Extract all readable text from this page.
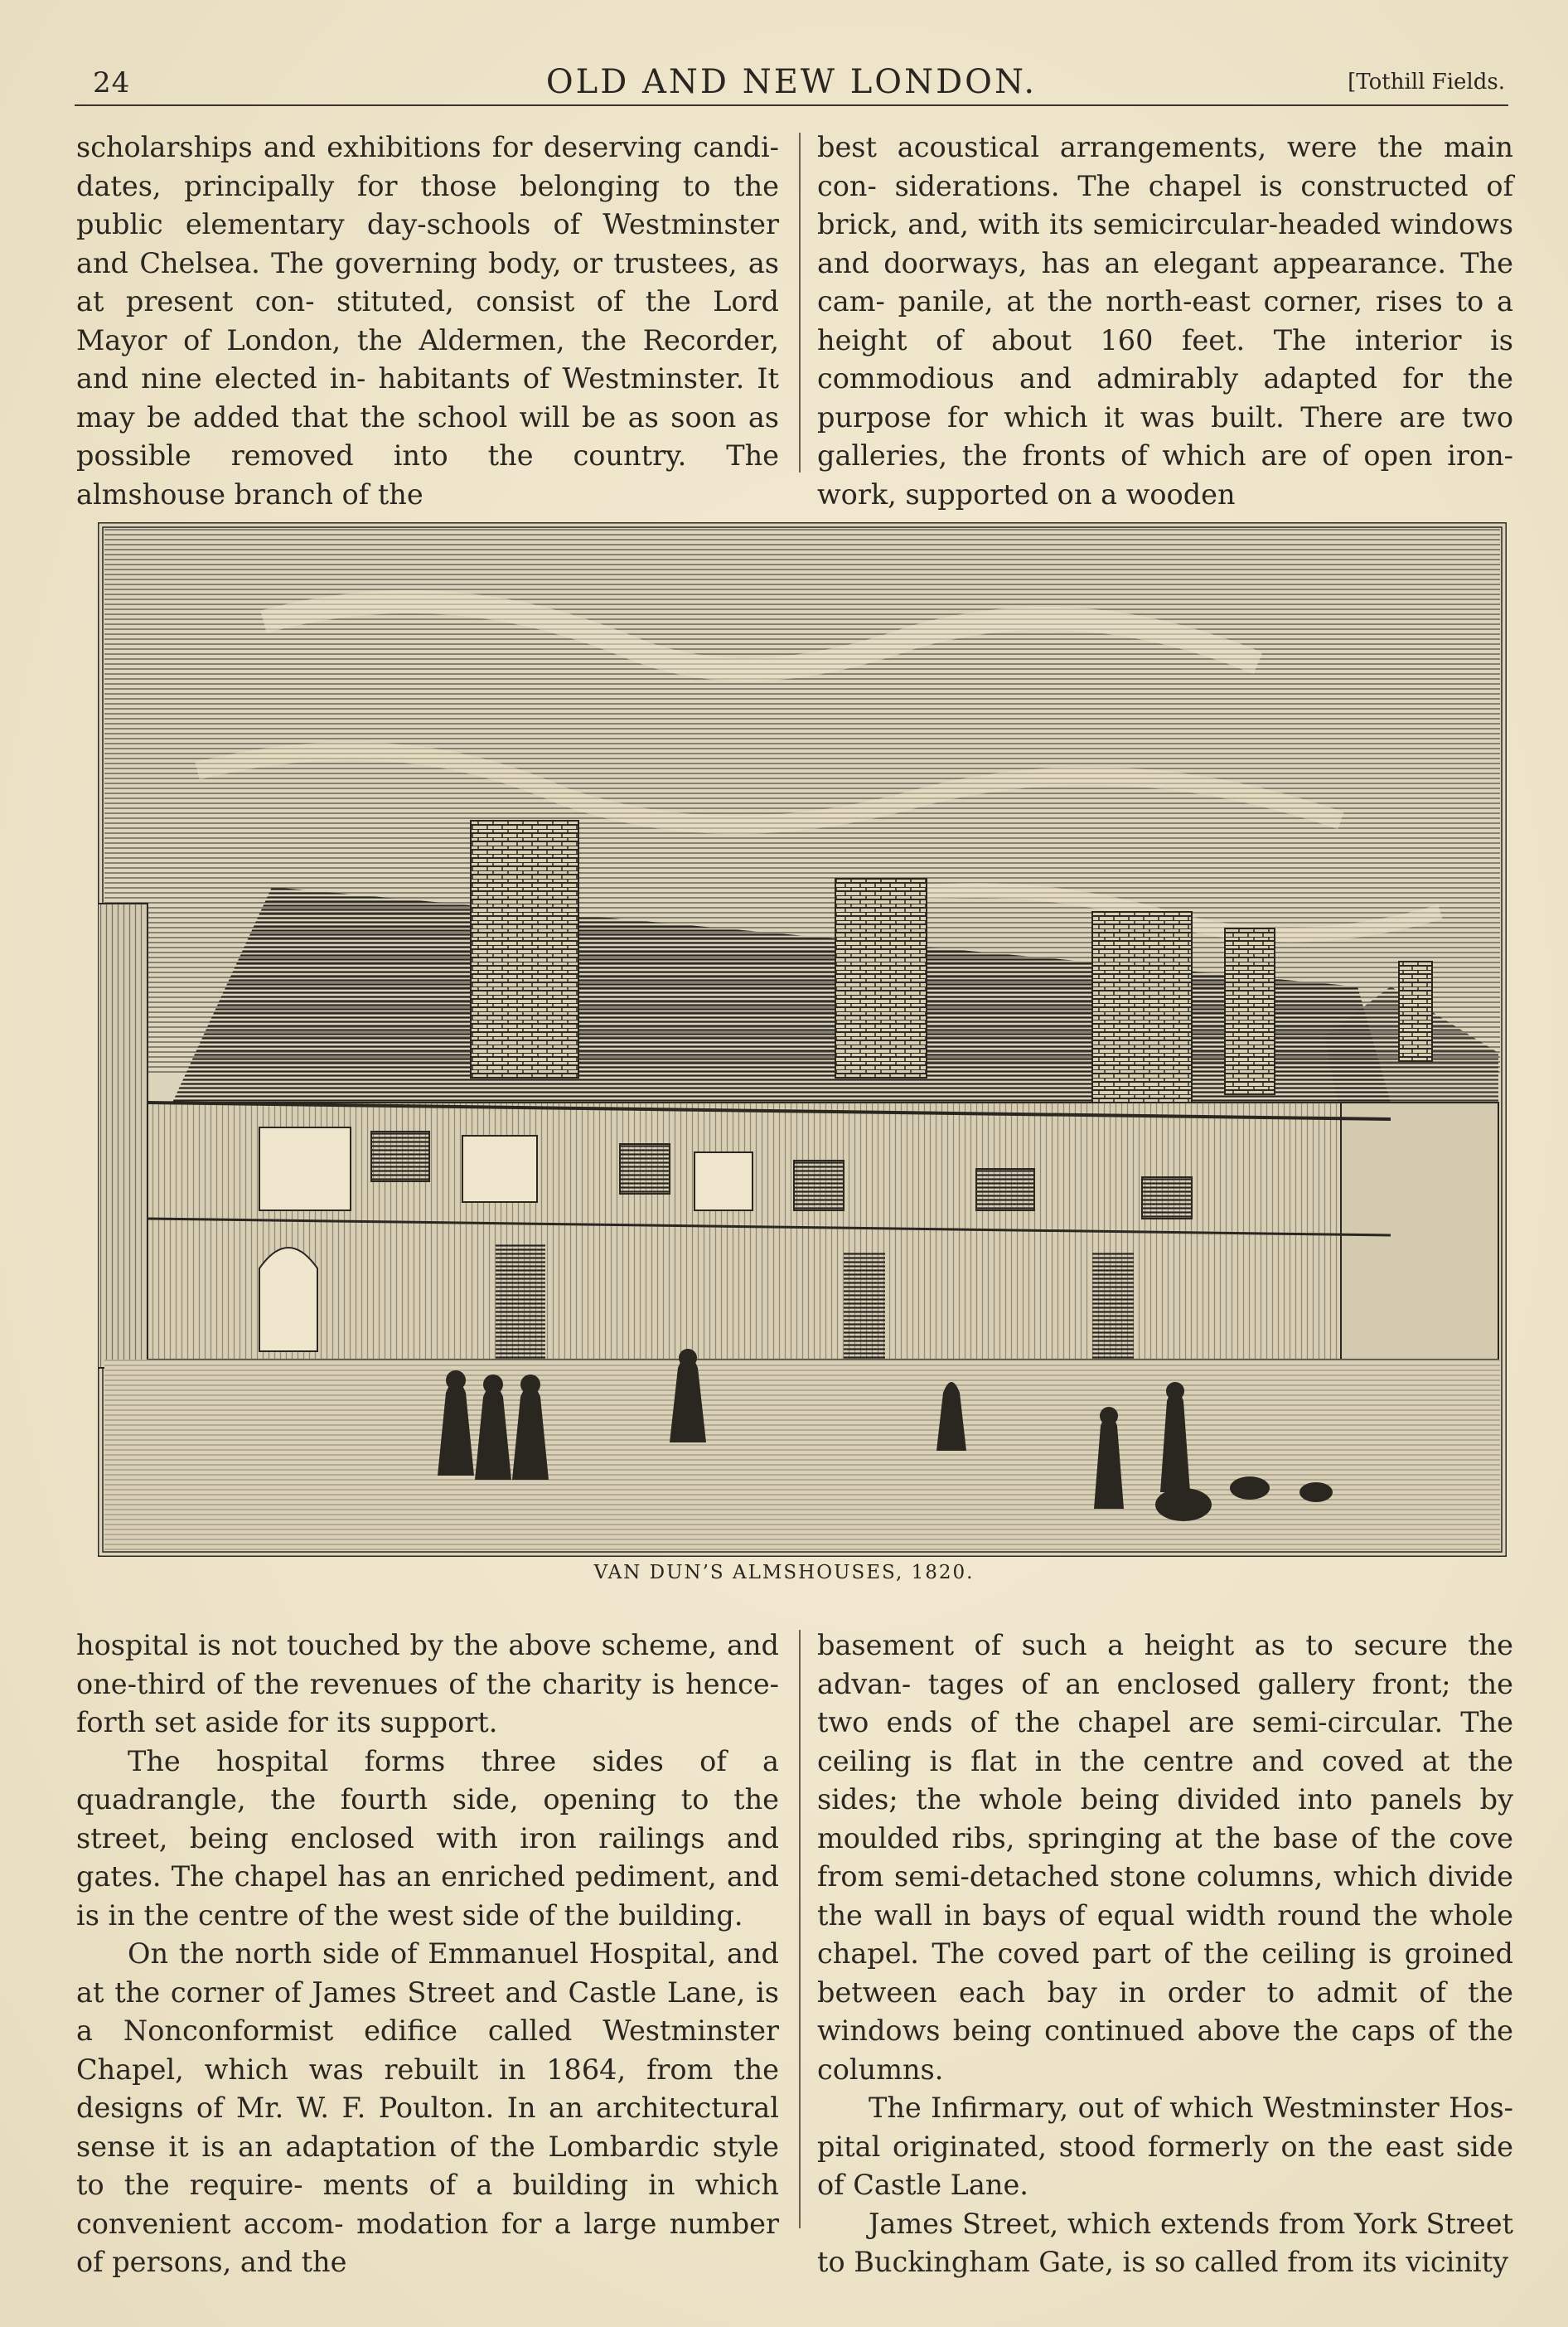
24	OLD AND NEW LONDON.	[Tothill Fields.

scholarships and exhibitions for deserving candi- dates, principally for those belonging to the public elementary day-schools of Westminster and Chelsea. The governing body, or trustees, as at present con- stituted, consist of the Lord Mayor of London, the Aldermen, the Recorder, and nine elected in- habitants of Westminster. It may be added that the school will be as soon as possible removed into the country. The almshouse branch of the

best acoustical arrangements, were the main con- siderations. The chapel is constructed of brick, and, with its semicircular-headed windows and doorways, has an elegant appearance. The cam- panile, at the north-east corner, rises to a height of about 160 feet. The interior is commodious and admirably adapted for the purpose for which it was built. There are two galleries, the fronts of which are of open iron-work, supported on a wooden

VAN DUN’S ALMSHOUSES, 1820.

hospital is not touched by the above scheme, and one-third of the revenues of the charity is hence- forth set aside for its support.

The hospital forms three sides of a quadrangle, the fourth side, opening to the street, being enclosed with iron railings and gates. The chapel has an enriched pediment, and is in the centre of the west side of the building.

On the north side of Emmanuel Hospital, and at the corner of James Street and Castle Lane, is a Nonconformist edifice called Westminster Chapel, which was rebuilt in 1864, from the designs of Mr. W. F. Poulton. In an architectural sense it is an adaptation of the Lombardic style to the require- ments of a building in which convenient accom- modation for a large number of persons, and the

basement of such a height as to secure the advan- tages of an enclosed gallery front; the two ends of the chapel are semi-circular. The ceiling is flat in the centre and coved at the sides; the whole being divided into panels by moulded ribs, springing at the base of the cove from semi-detached stone columns, which divide the wall in bays of equal width round the whole chapel. The coved part of the ceiling is groined between each bay in order to admit of the windows being continued above the caps of the columns.

The Infirmary, out of which Westminster Hos- pital originated, stood formerly on the east side of Castle Lane.

James Street, which extends from York Street to Buckingham Gate, is so called from its vicinity
